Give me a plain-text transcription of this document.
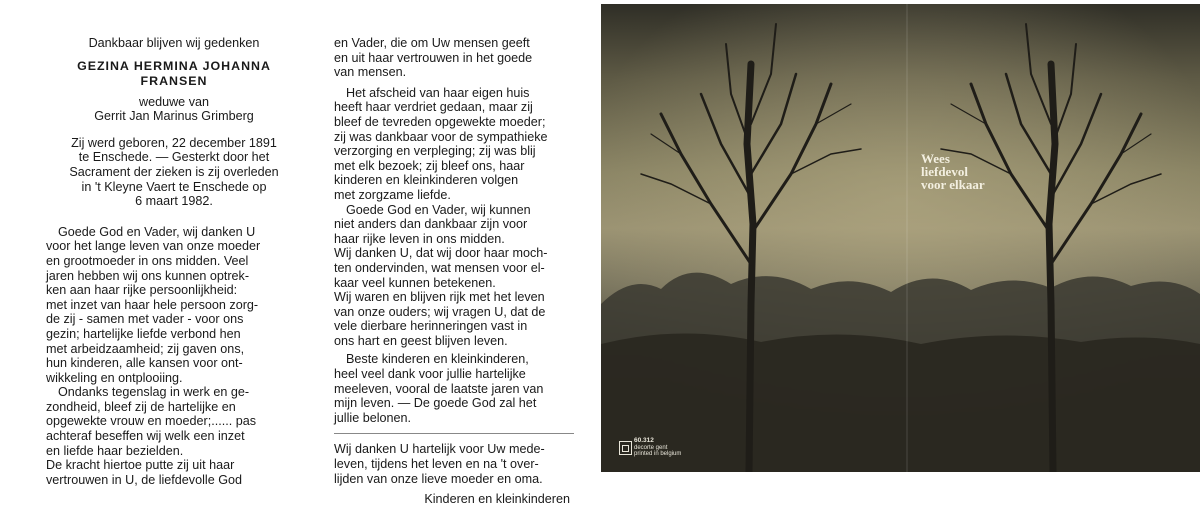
Dankbaar blijven wij gedenken
GEZINA HERMINA JOHANNA
FRANSEN
weduwe van
Gerrit Jan Marinus Grimberg
Zij werd geboren, 22 december 1891
te Enschede. — Gesterkt door het
Sacrament der zieken is zij overleden
in 't Kleyne Vaert te Enschede op
6 maart 1982.
Goede God en Vader, wij danken U
voor het lange leven van onze moeder
en grootmoeder in ons midden. Veel
jaren hebben wij ons kunnen optrek-
ken aan haar rijke persoonlijkheid:
met inzet van haar hele persoon zorg-
de zij - samen met vader - voor ons
gezin; hartelijke liefde verbond hen
met arbeidzaamheid; zij gaven ons,
hun kinderen, alle kansen voor ont-
wikkeling en ontplooiing.
Ondanks tegenslag in werk en ge-
zondheid, bleef zij de hartelijke en
opgewekte vrouw en moeder;...... pas
achteraf beseffen wij welk een inzet
en liefde haar bezielden.
De kracht hiertoe putte zij uit haar
vertrouwen in U, de liefdevolle God
en Vader, die om Uw mensen geeft
en uit haar vertrouwen in het goede
van mensen.
Het afscheid van haar eigen huis
heeft haar verdriet gedaan, maar zij
bleef de tevreden opgewekte moeder;
zij was dankbaar voor de sympathieke
verzorging en verpleging; zij was blij
met elk bezoek; zij bleef ons, haar
kinderen en kleinkinderen volgen
met zorgzame liefde.
Goede God en Vader, wij kunnen
niet anders dan dankbaar zijn voor
haar rijke leven in ons midden.
Wij danken U, dat wij door haar moch-
ten ondervinden, wat mensen voor el-
kaar veel kunnen betekenen.
Wij waren en blijven rijk met het leven
van onze ouders; wij vragen U, dat de
vele dierbare herinneringen vast in
ons hart en geest blijven leven.
Beste kinderen en kleinkinderen,
heel veel dank voor jullie hartelijke
meeleven, vooral de laatste jaren van
mijn leven. — De goede God zal het
jullie belonen.
Wij danken U hartelijk voor Uw mede-
leven, tijdens het leven en na 't over-
lijden van onze lieve moeder en oma.
Kinderen en kleinkinderen
Wees
liefdevol
voor elkaar
60.312
decorte gent
printed in belgium
